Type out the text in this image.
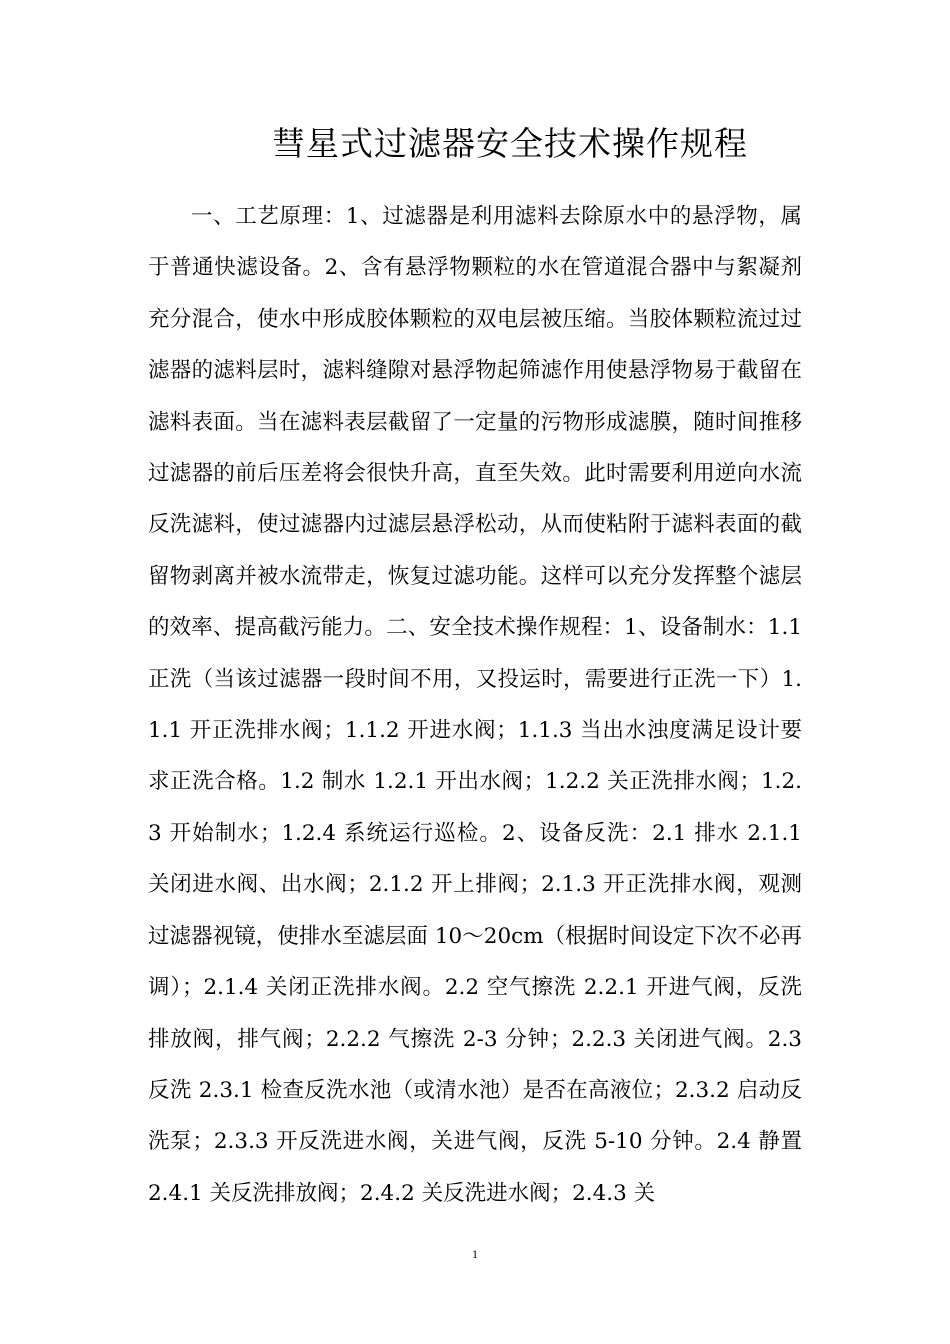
彗星式过滤器安全技术操作规程

一、工艺原理：1、过滤器是利用滤料去除原水中的悬浮物，属于普通快滤设备。2、含有悬浮物颗粒的水在管道混合器中与絮凝剂充分混合，使水中形成胶体颗粒的双电层被压缩。当胶体颗粒流过过滤器的滤料层时，滤料缝隙对悬浮物起筛滤作用使悬浮物易于截留在滤料表面。当在滤料表层截留了一定量的污物形成滤膜，随时间推移过滤器的前后压差将会很快升高，直至失效。此时需要利用逆向水流反洗滤料，使过滤器内过滤层悬浮松动，从而使粘附于滤料表面的截留物剥离并被水流带走，恢复过滤功能。这样可以充分发挥整个滤层的效率、提高截污能力。二、安全技术操作规程：1、设备制水：1.1 正洗（当该过滤器一段时间不用，又投运时，需要进行正洗一下）1.1.1 开正洗排水阀；1.1.2 开进水阀；1.1.3 当出水浊度满足设计要求正洗合格。1.2 制水 1.2.1 开出水阀；1.2.2 关正洗排水阀；1.2.3 开始制水；1.2.4 系统运行巡检。2、设备反洗：2.1 排水 2.1.1 关闭进水阀、出水阀；2.1.2 开上排阀；2.1.3 开正洗排水阀，观测过滤器视镜，使排水至滤层面 10～20cm（根据时间设定下次不必再调）；2.1.4 关闭正洗排水阀。2.2 空气擦洗 2.2.1 开进气阀，反洗排放阀，排气阀；2.2.2 气擦洗 2-3 分钟；2.2.3 关闭进气阀。2.3 反洗 2.3.1 检查反洗水池（或清水池）是否在高液位；2.3.2 启动反洗泵；2.3.3 开反洗进水阀，关进气阀，反洗 5-10 分钟。2.4 静置 2.4.1 关反洗排放阀；2.4.2 关反洗进水阀；2.4.3 关

1
